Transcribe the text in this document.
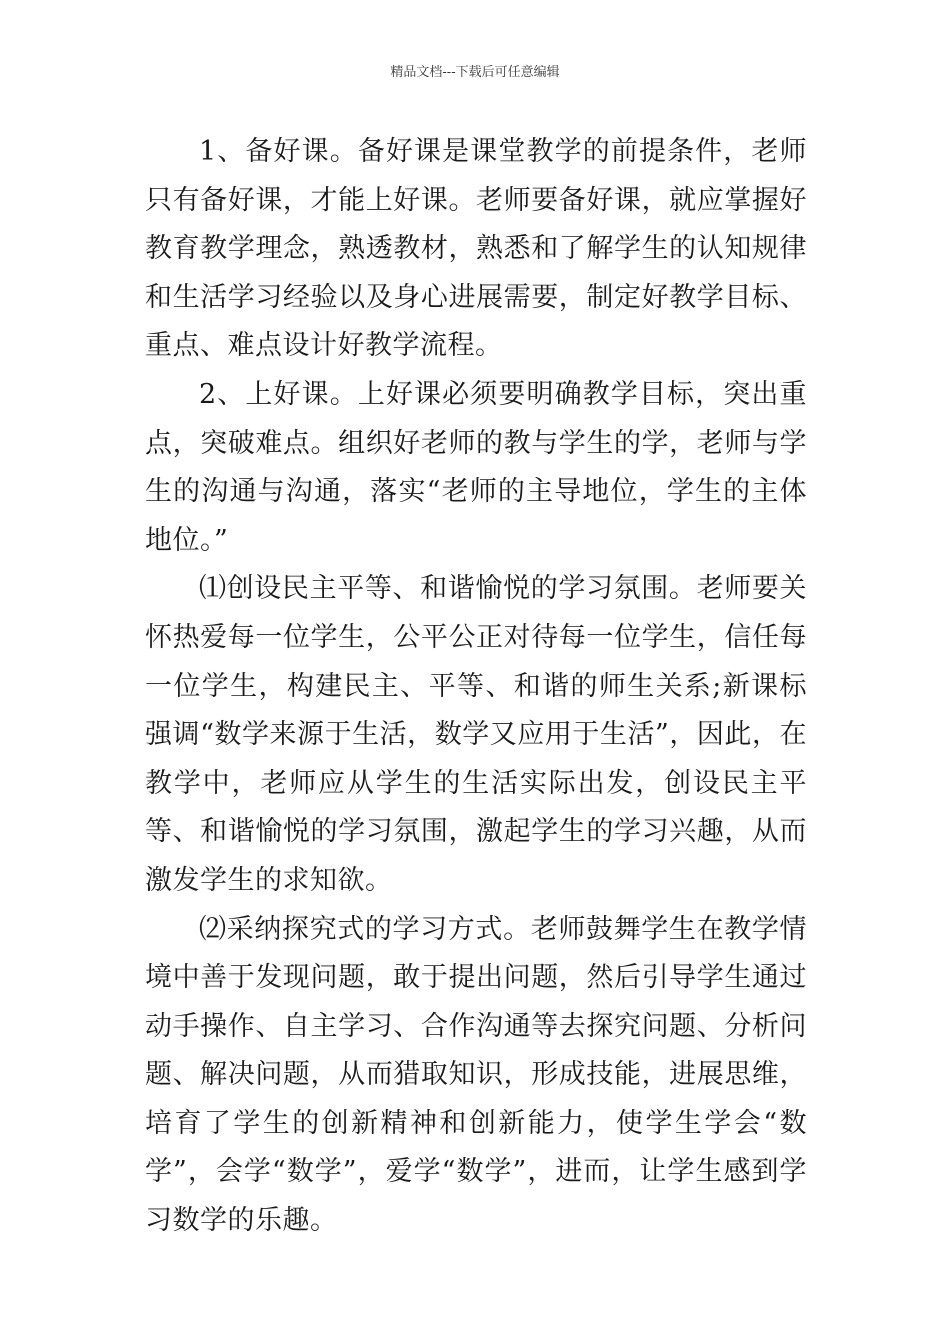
精品文档---下载后可任意编辑

1、备好课。备好课是课堂教学的前提条件，老师只有备好课，才能上好课。老师要备好课，就应掌握好教育教学理念，熟透教材，熟悉和了解学生的认知规律和生活学习经验以及身心进展需要，制定好教学目标、重点、难点设计好教学流程。

2、上好课。上好课必须要明确教学目标，突出重点，突破难点。组织好老师的教与学生的学，老师与学生的沟通与沟通，落实“老师的主导地位，学生的主体地位。”

⑴创设民主平等、和谐愉悦的学习氛围。老师要关怀热爱每一位学生，公平公正对待每一位学生，信任每一位学生，构建民主、平等、和谐的师生关系;新课标强调“数学来源于生活，数学又应用于生活”，因此，在教学中，老师应从学生的生活实际出发，创设民主平等、和谐愉悦的学习氛围，激起学生的学习兴趣，从而激发学生的求知欲。

⑵采纳探究式的学习方式。老师鼓舞学生在教学情境中善于发现问题，敢于提出问题，然后引导学生通过动手操作、自主学习、合作沟通等去探究问题、分析问题、解决问题，从而猎取知识，形成技能，进展思维，培育了学生的创新精神和创新能力，使学生学会“数学”，会学“数学”，爱学“数学”，进而，让学生感到学习数学的乐趣。
